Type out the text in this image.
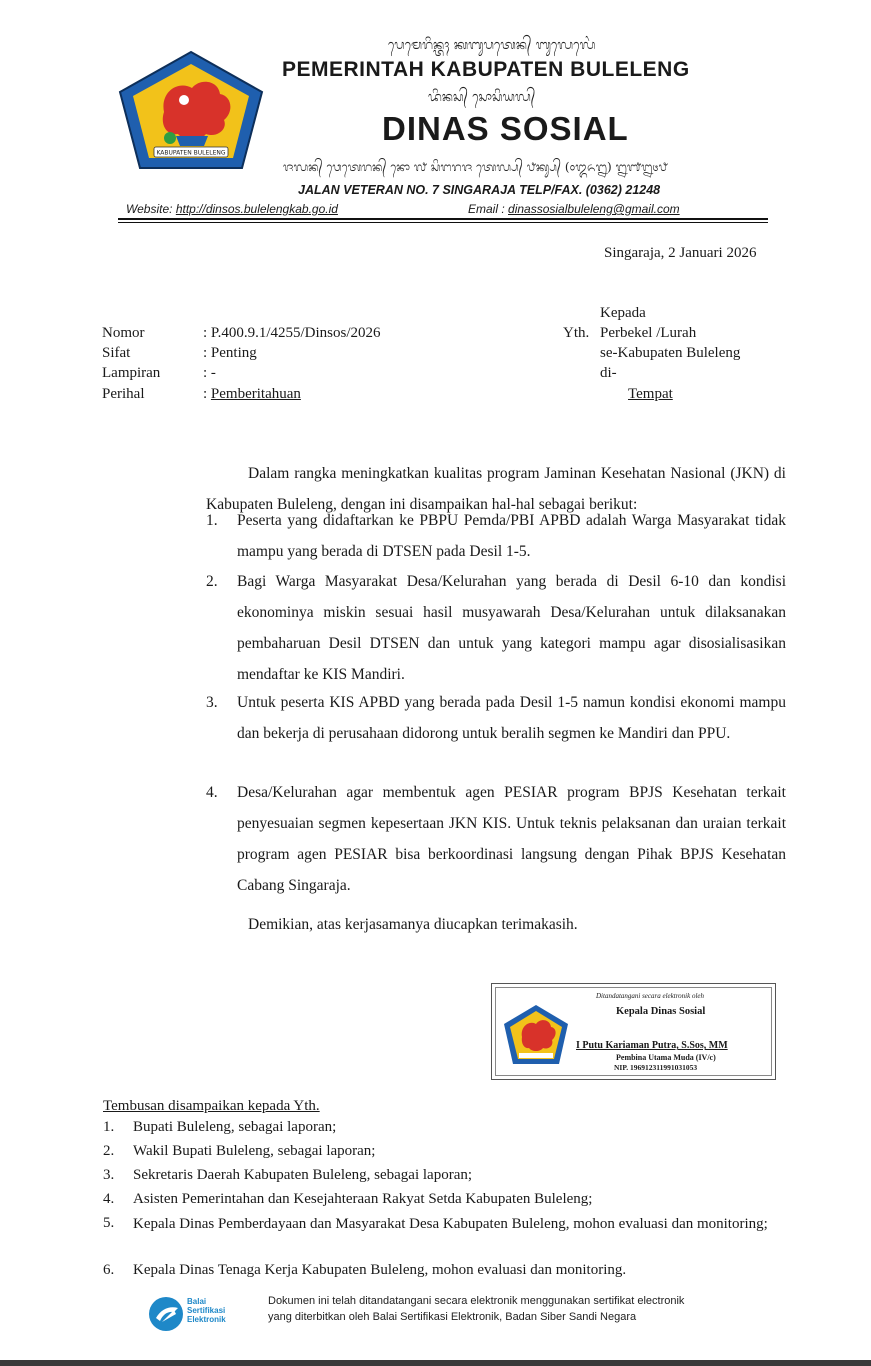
KABUPATEN BULELENG
ᬧᬾᬫᬾᬭᬶᬦ᭄ᬢᬄ ᬓᬩᬸᬧᬢᬾᬦ᭄ ᬩᬸᬮᬾᬮᬾᬂ
PEMERINTAH KABUPATEN BULELENG
ᬤᬶᬦᬲ᭄ ᬲᭀᬲᬶᬬᬮ᭄
DINAS SOSIAL
ᬚᬮᬦ᭄ ᬯᬾᬢᬾᬭᬦ᭄ ᬦᭀ ᭗ ᬲᬶᬗᬭᬚ ᬢᬾᬮ᭄ᬧ᭄ ᬨᬓ᭄ᬲ᭄ (᭐᭓᭖᭒) ᭒᭑᭒᭔᭘
JALAN VETERAN NO. 7 SINGARAJA TELP/FAX. (0362) 21248
Website: http://dinsos.bulelengkab.go.id	Email : dinassosialbuleleng@gmail.com
Singaraja, 2 Januari 2026
Kepada
Yth. Perbekel /Lurah
se-Kabupaten Buleleng
di-
Tempat
Nomor	: P.400.9.1/4255/Dinsos/2026
Sifat	: Penting
Lampiran	: -
Perihal	: Pemberitahuan
Dalam rangka meningkatkan kualitas program Jaminan Kesehatan Nasional (JKN) di Kabupaten Buleleng, dengan ini disampaikan hal-hal sebagai berikut:
1.	Peserta yang didaftarkan ke PBPU Pemda/PBI APBD adalah Warga Masyarakat tidak mampu yang berada di DTSEN pada Desil 1-5.
2.	Bagi Warga Masyarakat Desa/Kelurahan yang berada di Desil 6-10 dan kondisi ekonominya miskin sesuai hasil musyawarah Desa/Kelurahan untuk dilaksanakan pembaharuan Desil DTSEN dan untuk yang kategori mampu agar disosialisasikan mendaftar ke KIS Mandiri.
3.	Untuk peserta KIS APBD yang berada pada Desil 1-5 namun kondisi ekonomi mampu dan bekerja di perusahaan didorong untuk beralih segmen ke Mandiri dan PPU.
4.	Desa/Kelurahan agar membentuk agen PESIAR program BPJS Kesehatan terkait penyesuaian segmen kepesertaan JKN KIS. Untuk teknis pelaksanan dan uraian terkait program agen PESIAR bisa berkoordinasi langsung dengan Pihak BPJS Kesehatan Cabang Singaraja.
Demikian, atas kerjasamanya diucapkan terimakasih.
Ditandatangani secara elektronik oleh
Kepala Dinas Sosial
I Putu Kariaman Putra, S.Sos, MM
Pembina Utama Muda (IV/c)
NIP. 196912311991031053
Tembusan disampaikan kepada Yth.
1.	Bupati Buleleng, sebagai laporan;
2.	Wakil Bupati Buleleng, sebagai laporan;
3.	Sekretaris Daerah Kabupaten Buleleng, sebagai laporan;
4.	Asisten Pemerintahan dan Kesejahteraan Rakyat Setda Kabupaten Buleleng;
5.	Kepala Dinas Pemberdayaan dan Masyarakat Desa Kabupaten Buleleng, mohon evaluasi dan monitoring;
6.	Kepala Dinas Tenaga Kerja Kabupaten Buleleng, mohon evaluasi dan monitoring.
Balai
Sertifikasi
Elektronik
Dokumen ini telah ditandatangani secara elektronik menggunakan sertifikat electronik
yang diterbitkan oleh Balai Sertifikasi Elektronik, Badan Siber Sandi Negara
